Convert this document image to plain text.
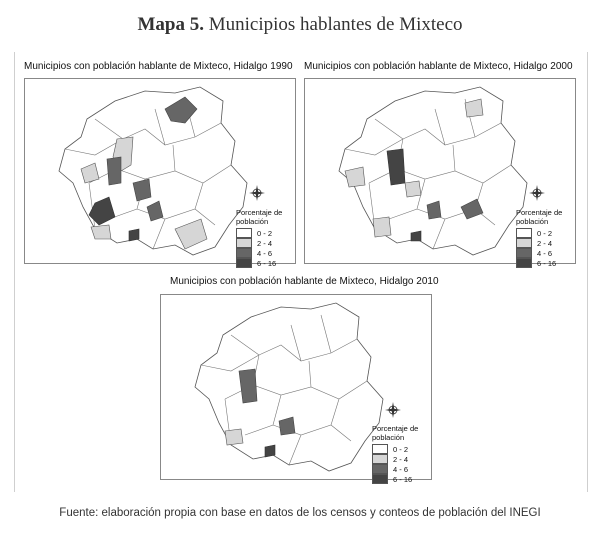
Mapa 5. Municipios hablantes de Mixteco
Municipios con población hablante de Mixteco, Hidalgo 1990
Porcentaje de
población
0 - 2
2 - 4
4 - 6
6 - 16
Municipios con población hablante de Mixteco, Hidalgo 2000
Porcentaje de
población
0 - 2
2 - 4
4 - 6
6 - 16
Municipios con población hablante de Mixteco, Hidalgo 2010
Porcentaje de
población
0 - 2
2 - 4
4 - 6
6 - 16
Fuente: elaboración propia con base en datos de los censos y conteos de población del INEGI
